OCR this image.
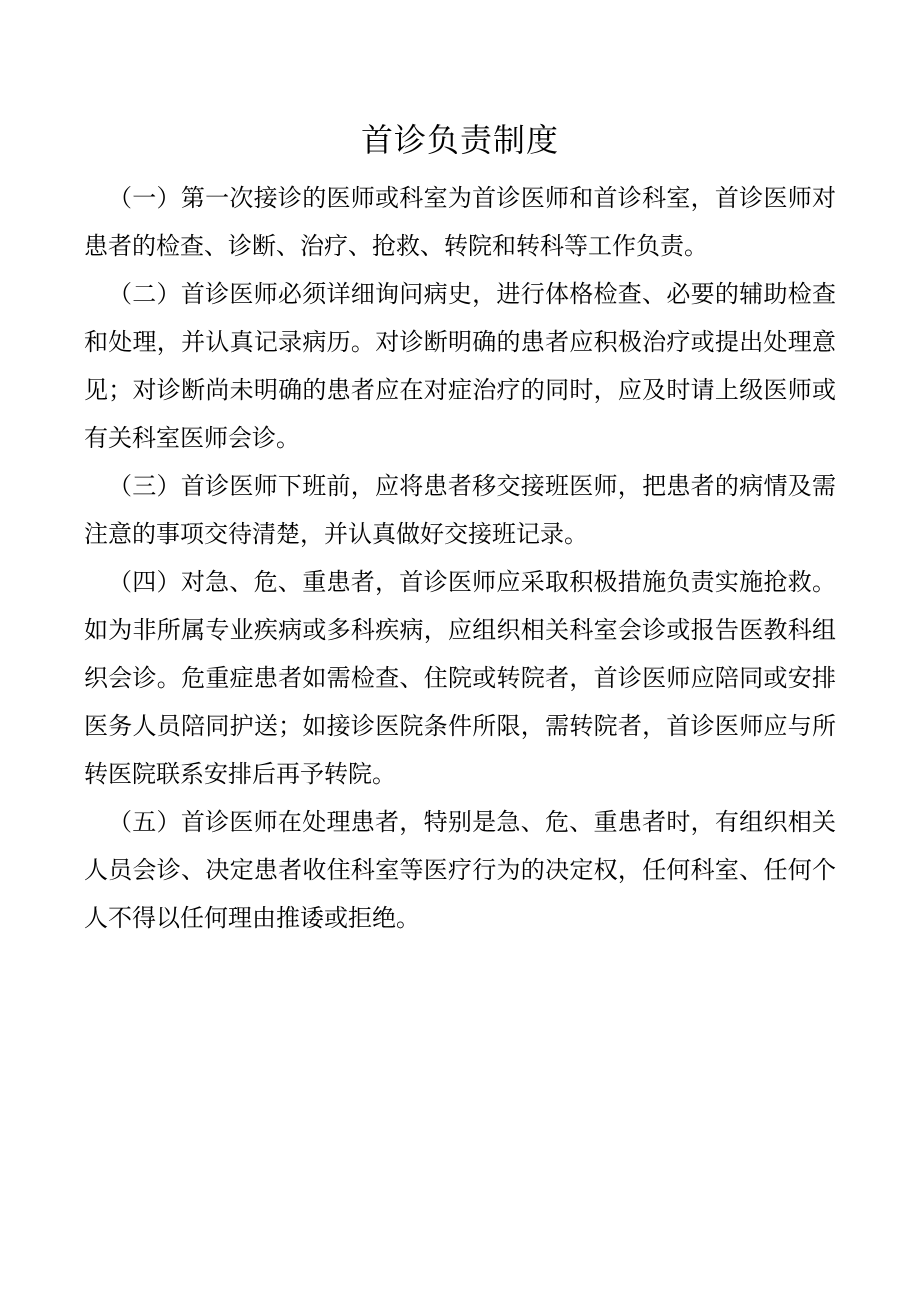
首诊负责制度

（一）第一次接诊的医师或科室为首诊医师和首诊科室，首诊医师对患者的检查、诊断、治疗、抢救、转院和转科等工作负责。

（二）首诊医师必须详细询问病史，进行体格检查、必要的辅助检查和处理，并认真记录病历。对诊断明确的患者应积极治疗或提出处理意见；对诊断尚未明确的患者应在对症治疗的同时，应及时请上级医师或有关科室医师会诊。

（三）首诊医师下班前，应将患者移交接班医师，把患者的病情及需注意的事项交待清楚，并认真做好交接班记录。

（四）对急、危、重患者，首诊医师应采取积极措施负责实施抢救。如为非所属专业疾病或多科疾病，应组织相关科室会诊或报告医教科组织会诊。危重症患者如需检查、住院或转院者，首诊医师应陪同或安排医务人员陪同护送；如接诊医院条件所限，需转院者，首诊医师应与所转医院联系安排后再予转院。

（五）首诊医师在处理患者，特别是急、危、重患者时，有组织相关人员会诊、决定患者收住科室等医疗行为的决定权，任何科室、任何个人不得以任何理由推诿或拒绝。
